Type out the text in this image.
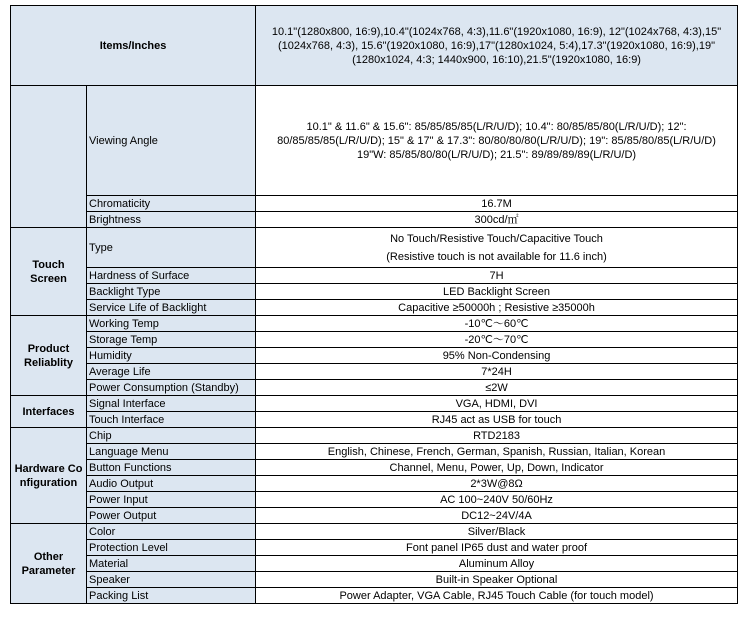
Items/Inches		10.1"(1280x800, 16:9),10.4"(1024x768, 4:3),11.6"(1920x1080, 16:9), 12"(1024x768, 4:3),15"(1024x768, 4:3), 15.6"(1920x1080, 16:9),17"(1280x1024, 5:4),17.3"(1920x1080, 16:9),19"(1280x1024, 4:3; 1440x900, 16:10),21.5"(1920x1080, 16:9)
	Viewing Angle	10.1" & 11.6" & 15.6": 85/85/85/85(L/R/U/D); 10.4": 80/85/85/80(L/R/U/D); 12": 80/85/85/85(L/R/U/D); 15" & 17" & 17.3": 80/80/80/80(L/R/U/D); 19": 85/85/80/85(L/R/U/D)
19"W: 85/85/80/80(L/R/U/D); 21.5": 89/89/89/89(L/R/U/D)

	Chromaticity	16.7M
	Brightness	300cd/㎡
Touch Screen	Type	No Touch/Resistive Touch/Capacitive Touch
(Resistive touch is not available for 11.6 inch)

	Hardness of Surface	7H
	Backlight Type	LED Backlight Screen
	Service Life of Backlight	Capacitive ≥50000h ; Resistive ≥35000h
Product Reliablity	Working Temp	-10℃～60℃
	Storage Temp	-20℃～70℃
	Humidity	95% Non-Condensing
	Average Life	7*24H
	Power Consumption (Standby)	≤2W
Interfaces	Signal Interface	VGA, HDMI, DVI
	Touch Interface	RJ45 act as USB for touch
Hardware Configuration	Chip	RTD2183
	Language Menu	English, Chinese, French, German, Spanish, Russian, Italian, Korean
	Button Functions	Channel, Menu, Power, Up, Down, Indicator
	Audio Output	2*3W@8Ω
	Power Input	AC 100~240V 50/60Hz
	Power Output	DC12~24V/4A
Other Parameter	Color	Silver/Black
	Protection Level	Font panel IP65 dust and water proof
	Material	Aluminum Alloy
	Speaker	Built-in Speaker Optional
	Packing List	Power Adapter, VGA Cable, RJ45 Touch Cable (for touch model)
